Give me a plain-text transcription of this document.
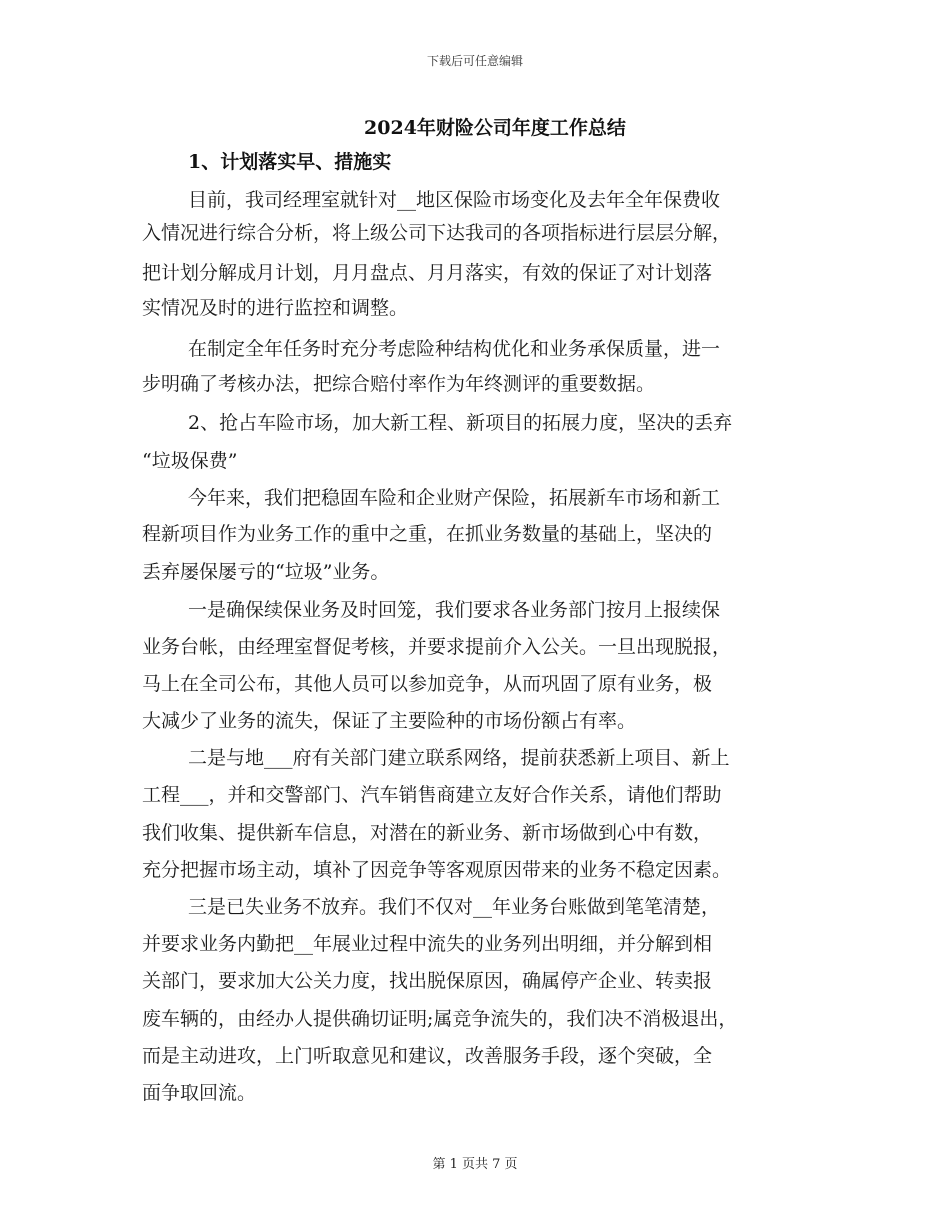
下载后可任意编辑
2024年财险公司年度工作总结
1、计划落实早、措施实
目前，我司经理室就针对__地区保险市场变化及去年全年保费收
入情况进行综合分析，将上级公司下达我司的各项指标进行层层分解，
把计划分解成月计划，月月盘点、月月落实，有效的保证了对计划落
实情况及时的进行监控和调整。
在制定全年任务时充分考虑险种结构优化和业务承保质量，进一
步明确了考核办法，把综合赔付率作为年终测评的重要数据。
2、抢占车险市场，加大新工程、新项目的拓展力度，坚决的丢弃
“垃圾保费”
今年来，我们把稳固车险和企业财产保险，拓展新车市场和新工
程新项目作为业务工作的重中之重，在抓业务数量的基础上，坚决的
丢弃屡保屡亏的“垃圾”业务。
一是确保续保业务及时回笼，我们要求各业务部门按月上报续保
业务台帐，由经理室督促考核，并要求提前介入公关。一旦出现脱报，
马上在全司公布，其他人员可以参加竞争，从而巩固了原有业务，极
大减少了业务的流失，保证了主要险种的市场份额占有率。
二是与地___府有关部门建立联系网络，提前获悉新上项目、新上
工程___，并和交警部门、汽车销售商建立友好合作关系，请他们帮助
我们收集、提供新车信息，对潜在的新业务、新市场做到心中有数，
充分把握市场主动，填补了因竞争等客观原因带来的业务不稳定因素。
三是已失业务不放弃。我们不仅对__年业务台账做到笔笔清楚，
并要求业务内勤把__年展业过程中流失的业务列出明细，并分解到相
关部门，要求加大公关力度，找出脱保原因，确属停产企业、转卖报
废车辆的，由经办人提供确切证明;属竞争流失的，我们决不消极退出，
而是主动进攻，上门听取意见和建议，改善服务手段，逐个突破，全
面争取回流。
第 1 页共 7 页
